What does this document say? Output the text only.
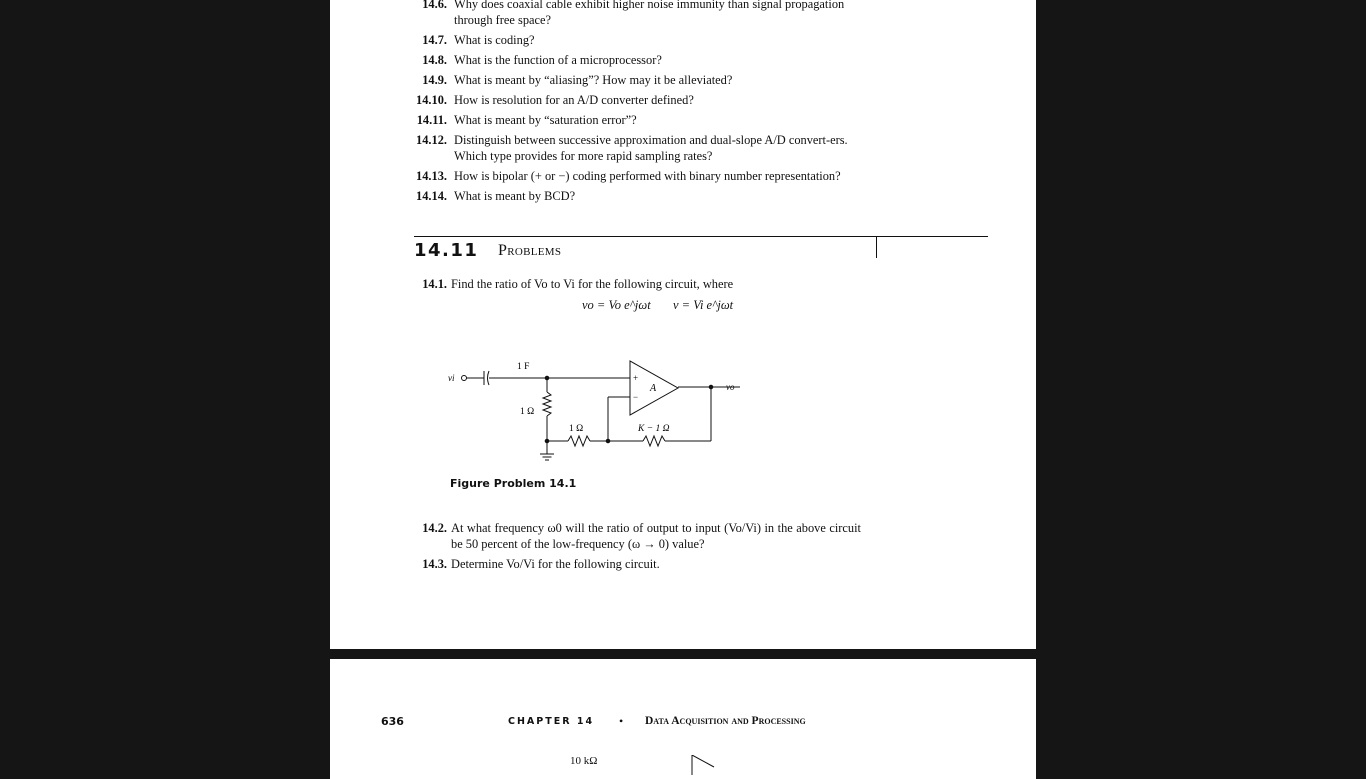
14.6. Why does coaxial cable exhibit higher noise immunity than signal propagation through free space?
14.7. What is coding?
14.8. What is the function of a microprocessor?
14.9. What is meant by “aliasing”? How may it be alleviated?
14.10. How is resolution for an A/D converter defined?
14.11. What is meant by “saturation error”?
14.12. Distinguish between successive approximation and dual-slope A/D convert-ers. Which type provides for more rapid sampling rates?
14.13. How is bipolar (+ or −) coding performed with binary number representation?
14.14. What is meant by BCD?
14.11 Problems
14.1. Find the ratio of Vo to Vi for the following circuit, where
vo = Vo e^jωt v = Vi e^jωt
vi
1 F
1 Ω
1 Ω	K − 1 Ω
A
+
−
vo
Figure Problem 14.1
14.2. At what frequency ω0 will the ratio of output to input (Vo/Vi) in the above circuit be 50 percent of the low-frequency (ω → 0) value?
14.3. Determine Vo/Vi for the following circuit.
636	CHAPTER 14 • Data Acquisition and Processing
10 kΩ
